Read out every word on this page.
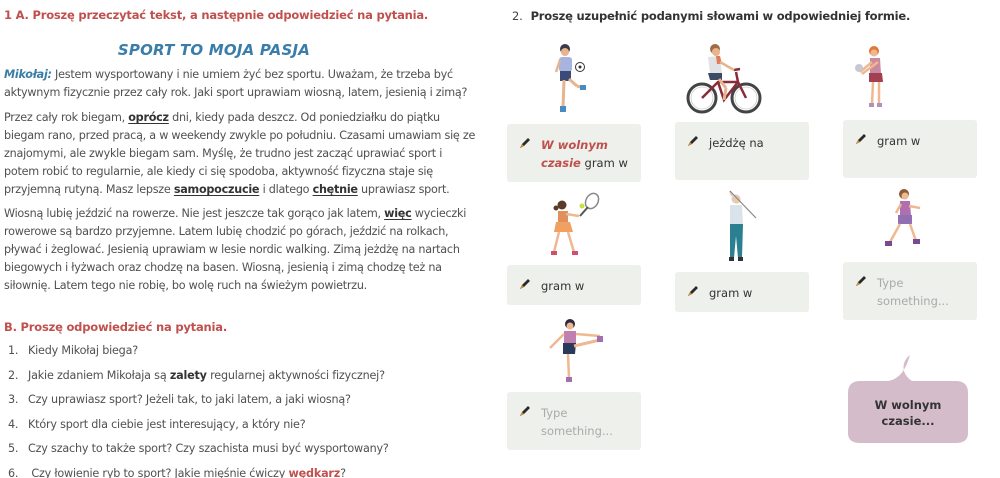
1 A. Proszę przeczytać tekst, a następnie odpowiedzieć na pytania.
SPORT TO MOJA PASJA

Mikołaj: Jestem wysportowany i nie umiem żyć bez sportu. Uważam, że trzeba być aktywnym fizycznie przez cały rok. Jaki sport uprawiam wiosną, latem, jesienią i zimą?

Przez cały rok biegam, oprócz dni, kiedy pada deszcz. Od poniedziałku do piątku biegam rano, przed pracą, a w weekendy zwykle po południu. Czasami umawiam się ze znajomymi, ale zwykle biegam sam. Myślę, że trudno jest zacząć uprawiać sport i potem robić to regularnie, ale kiedy ci się spodoba, aktywność fizyczna staje się przyjemną rutyną. Masz lepsze samopoczucie i dlatego chętnie uprawiasz sport.

Wiosną lubię jeździć na rowerze. Nie jest jeszcze tak gorąco jak latem, więc wycieczki rowerowe są bardzo przyjemne. Latem lubię chodzić po górach, jeździć na rolkach, pływać i żeglować. Jesienią uprawiam w lesie nordic walking. Zimą jeżdżę na nartach biegowych i łyżwach oraz chodzę na basen. Wiosną, jesienią i zimą chodzę też na siłownię. Latem tego nie robię, bo wolę ruch na świeżym powietrzu.

B. Proszę odpowiedzieć na pytania.
1. Kiedy Mikołaj biega?
2. Jakie zdaniem Mikołaja są zalety regularnej aktywności fizycznej?
3. Czy uprawiasz sport? Jeżeli tak, to jaki latem, a jaki wiosną?
4. Który sport dla ciebie jest interesujący, a który nie?
5. Czy szachy to także sport? Czy szachista musi być wysportowany?
6. Czy łowienie ryb to sport? Jakie mięśnie ćwiczy wędkarz?
2. Proszę uzupełnić podanymi słowami w odpowiedniej formie.
W wolnym czasie gram w
jeżdżę na	gram w
gram w	gram w
Type something...
Type something...
W wolnym czasie...
